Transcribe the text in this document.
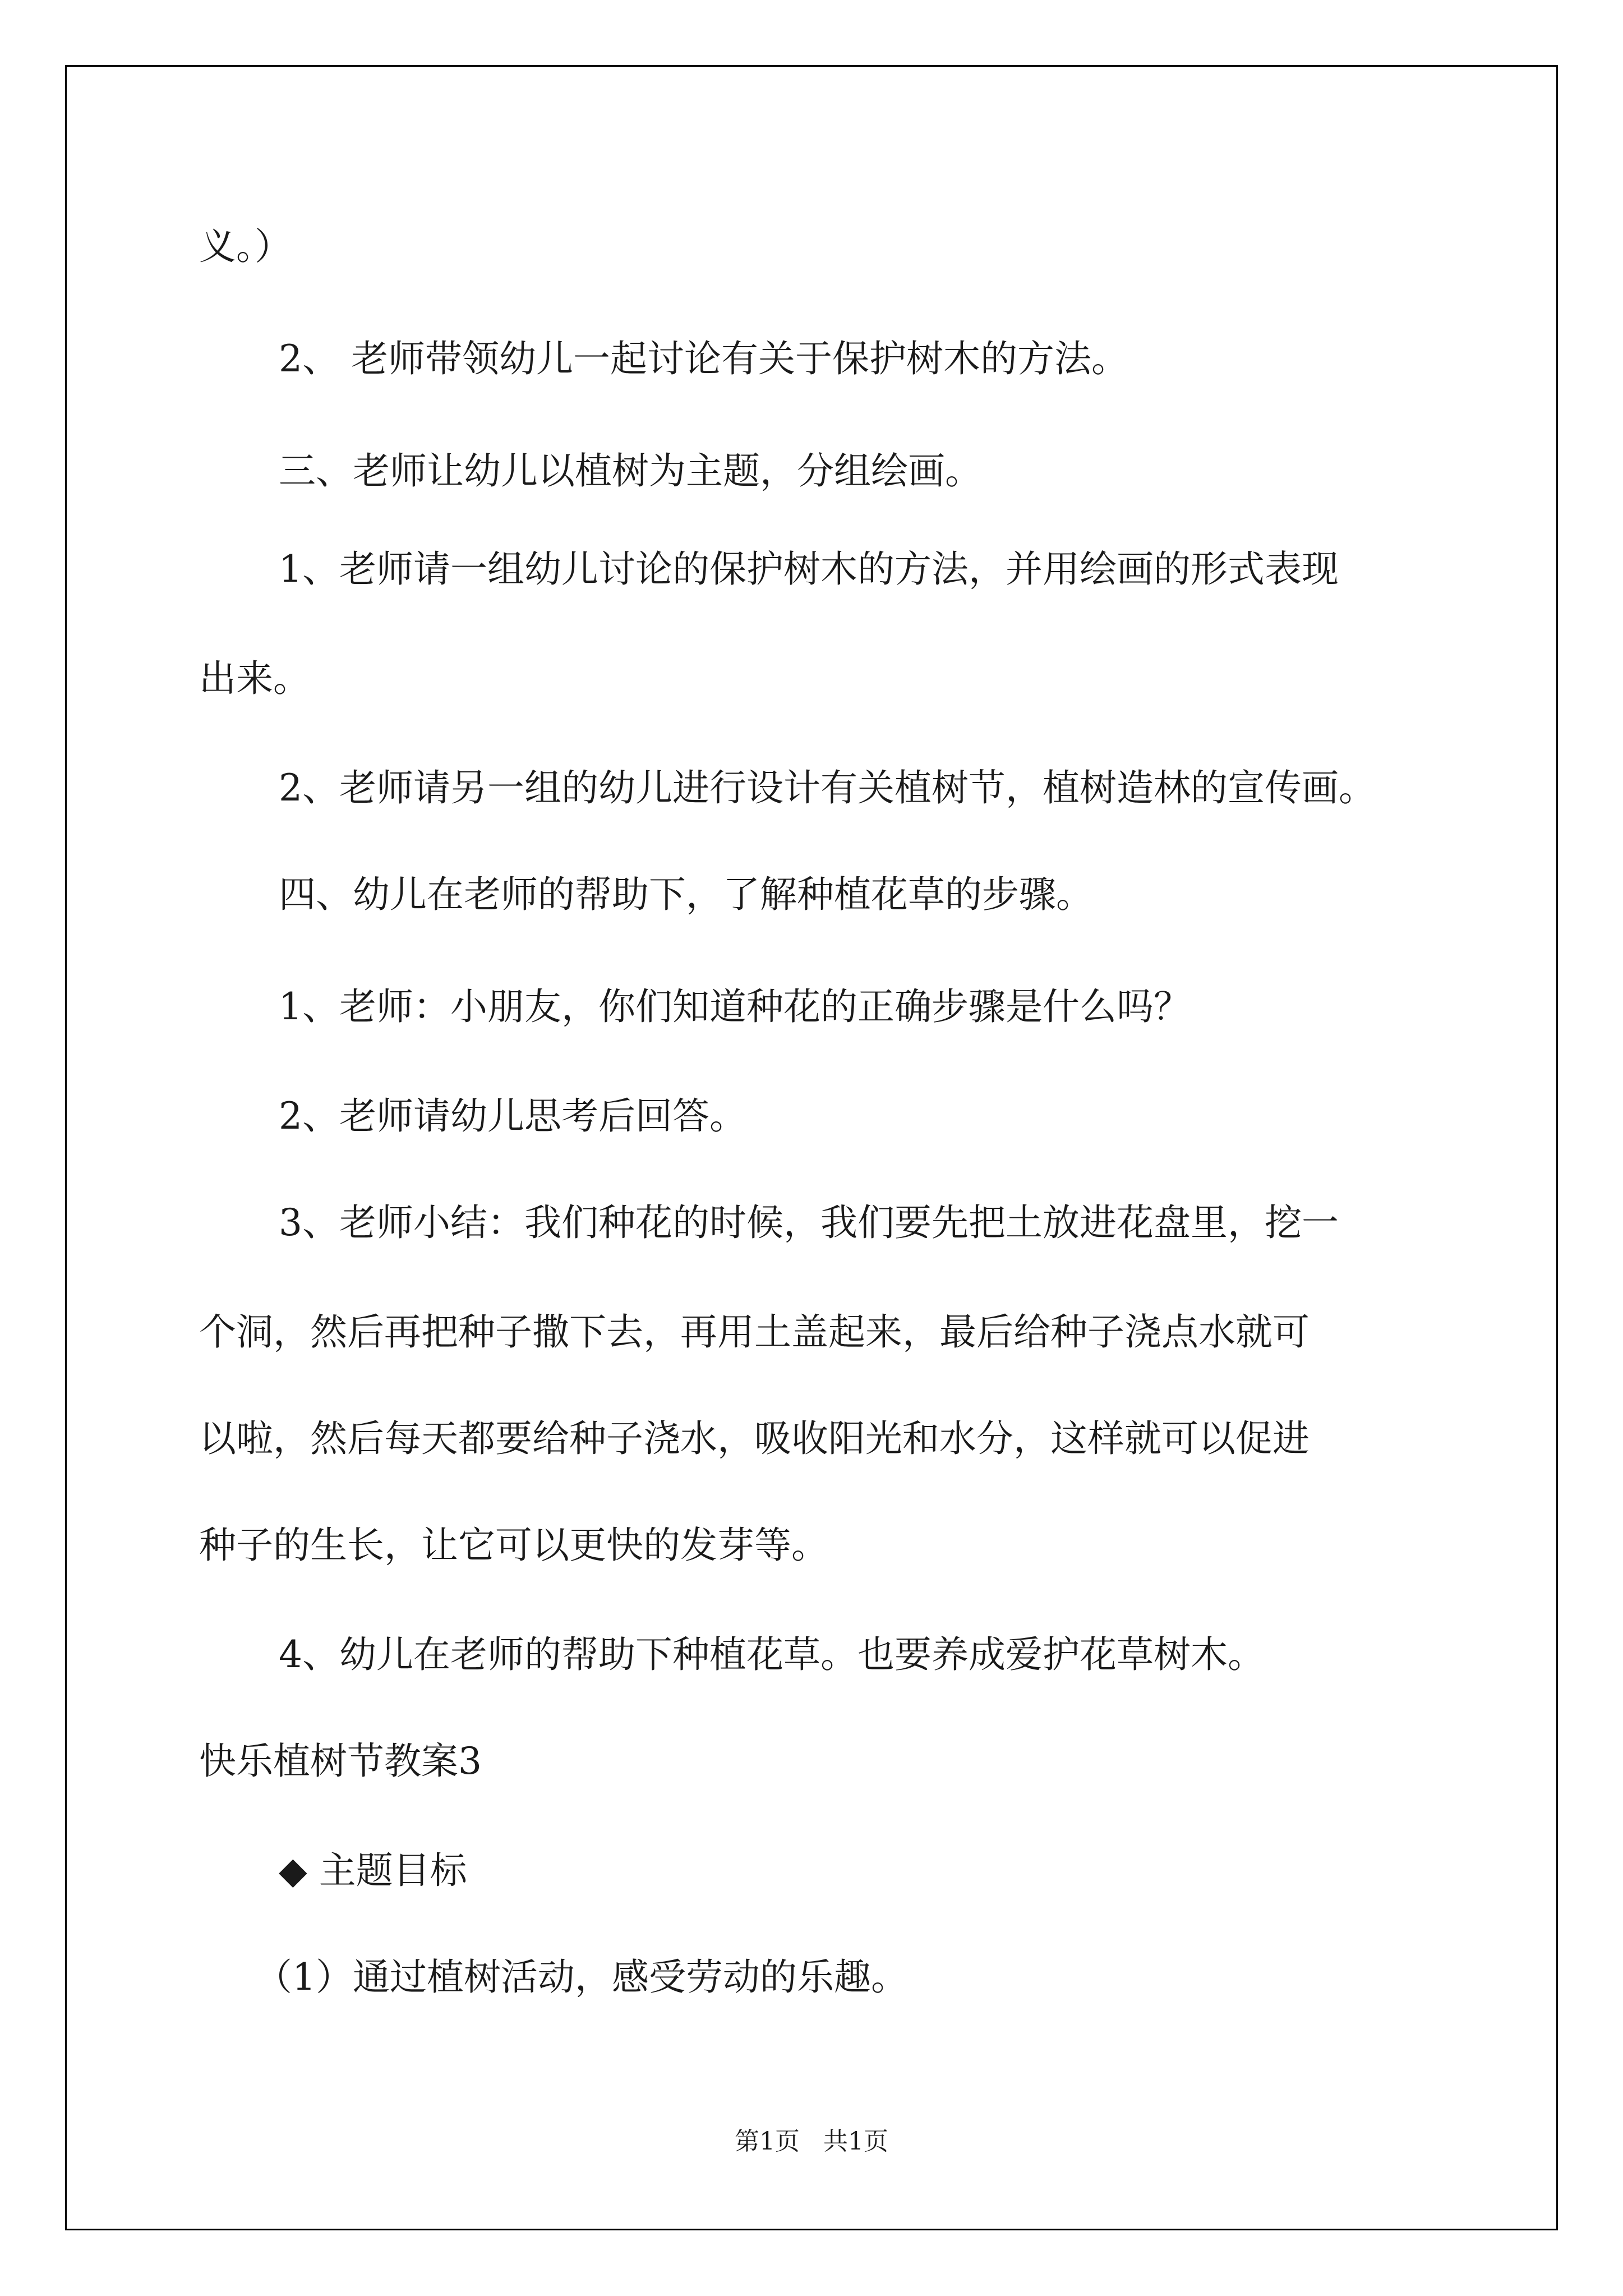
义。）

2、 老师带领幼儿一起讨论有关于保护树木的方法。

三、老师让幼儿以植树为主题，分组绘画。

1、老师请一组幼儿讨论的保护树木的方法，并用绘画的形式表现

出来。

2、老师请另一组的幼儿进行设计有关植树节，植树造林的宣传画。

四、幼儿在老师的帮助下，了解种植花草的步骤。

1、老师：小朋友，你们知道种花的正确步骤是什么吗？

2、老师请幼儿思考后回答。

3、老师小结：我们种花的时候，我们要先把土放进花盘里，挖一

个洞，然后再把种子撒下去，再用土盖起来，最后给种子浇点水就可

以啦，然后每天都要给种子浇水，吸收阳光和水分，这样就可以促进

种子的生长，让它可以更快的发芽等。

4、幼儿在老师的帮助下种植花草。也要养成爱护花草树木。

快乐植树节教案3

◆ 主题目标

（1）通过植树活动，感受劳动的乐趣。

第1页   共1页
